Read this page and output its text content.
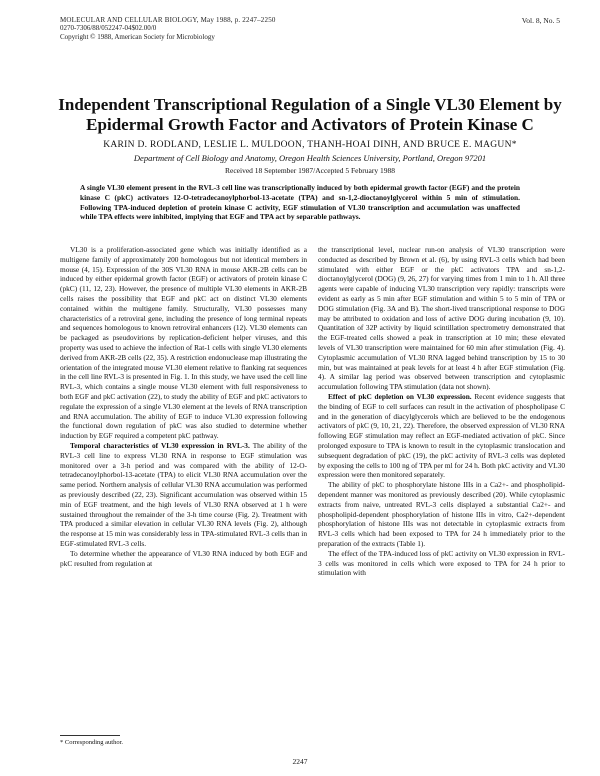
MOLECULAR AND CELLULAR BIOLOGY, May 1988, p. 2247–2250
0270-7306/88/052247-04$02.00/0
Copyright © 1988, American Society for Microbiology
Vol. 8, No. 5
Independent Transcriptional Regulation of a Single VL30 Element by Epidermal Growth Factor and Activators of Protein Kinase C
KARIN D. RODLAND, LESLIE L. MULDOON, THANH-HOAI DINH, AND BRUCE E. MAGUN*
Department of Cell Biology and Anatomy, Oregon Health Sciences University, Portland, Oregon 97201
Received 18 September 1987/Accepted 5 February 1988
A single VL30 element present in the RVL-3 cell line was transcriptionally induced by both epidermal growth factor (EGF) and the protein kinase C (pkC) activators 12-O-tetradecanoylphorbol-13-acetate (TPA) and sn-1,2-dioctanoylglycerol within 5 min of stimulation. Following TPA-induced depletion of protein kinase C activity, EGF stimulation of VL30 transcription and accumulation was unaffected while TPA effects were inhibited, implying that EGF and TPA act by separable pathways.

VL30 is a proliferation-associated gene which was initially identified as a multigene family of approximately 200 homologous but not identical members in mouse (4, 15). Expression of the 30S VL30 RNA in mouse AKR-2B cells can be induced by either epidermal growth factor (EGF) or activators of protein kinase C (pkC) (11, 12, 23). However, the presence of multiple VL30 elements in AKR-2B cells raises the possibility that EGF and pkC act on distinct VL30 elements contained within the multigene family. Structurally, VL30 possesses many characteristics of a retroviral gene, including the presence of long terminal repeats and sequences homologous to known retroviral enhancers (12). VL30 elements can be packaged as pseudovirions by replication-deficient helper viruses, and this property was used to achieve the infection of Rat-1 cells with single VL30 elements derived from AKR-2B cells (22, 35). A restriction endonuclease map illustrating the orientation of the integrated mouse VL30 element relative to flanking rat sequences in the cell line RVL-3 is presented in Fig. 1. In this study, we have used the cell line RVL-3, which contains a single mouse VL30 element with full responsiveness to both EGF and pkC activation (22), to study the ability of EGF and pkC activators to regulate the expression of a single VL30 element at the levels of RNA transcription and RNA accumulation. The ability of EGF to induce VL30 expression following the functional down regulation of pkC was also studied to determine whether induction by EGF required a competent pkC pathway.

Temporal characteristics of VL30 expression in RVL-3. The ability of the RVL-3 cell line to express VL30 RNA in response to EGF stimulation was monitored over a 3-h period and was compared with the ability of 12-O-tetradecanoylphorbol-13-acetate (TPA) to elicit VL30 RNA accumulation over the same period. Northern analysis of cellular VL30 RNA accumulation was performed as previously described (22, 23). Significant accumulation was observed within 15 min of EGF treatment, and the high levels of VL30 RNA observed at 1 h were sustained throughout the remainder of the 3-h time course (Fig. 2). Treatment with TPA produced a similar elevation in cellular VL30 RNA levels (Fig. 2), although the response at 15 min was considerably less in TPA-stimulated RVL-3 cells than in EGF-stimulated RVL-3 cells.

To determine whether the appearance of VL30 RNA induced by both EGF and pkC resulted from regulation at

the transcriptional level, nuclear run-on analysis of VL30 transcription were conducted as described by Brown et al. (6), by using RVL-3 cells which had been stimulated with either EGF or the pkC activators TPA and sn-1,2-dioctanoylglycerol (DOG) (9, 26, 27) for varying times from 1 min to 1 h. All three agents were capable of inducing VL30 transcription very rapidly: transcripts were evident as early as 5 min after EGF stimulation and within 5 to 5 min of TPA or DOG stimulation (Fig. 3A and B). The short-lived transcriptional response to DOG may be attributed to oxidation and loss of active DOG during incubation (9, 10). Quantitation of 32P activity by liquid scintillation spectrometry demonstrated that the EGF-treated cells showed a peak in transcription at 10 min; these elevated levels of VL30 transcription were maintained for 60 min after stimulation (Fig. 4). Cytoplasmic accumulation of VL30 RNA lagged behind transcription by 15 to 30 min, but was maintained at peak levels for at least 4 h after EGF stimulation (Fig. 4). A similar lag period was observed between transcription and cytoplasmic accumulation following TPA stimulation (data not shown).

Effect of pkC depletion on VL30 expression. Recent evidence suggests that the binding of EGF to cell surfaces can result in the activation of phospholipase C and in the generation of diacylglycerols which are believed to be the endogenous activators of pkC (9, 10, 21, 22). Therefore, the observed expression of VL30 RNA following EGF stimulation may reflect an EGF-mediated activation of pkC. Since prolonged exposure to TPA is known to result in the cytoplasmic translocation and subsequent degradation of pkC (19), the pkC activity of RVL-3 cells was depleted by exposing the cells to 100 ng of TPA per ml for 24 h. Both pkC activity and VL30 expression were then monitored separately.

The ability of pkC to phosphorylate histone IIIs in a Ca2+- and phospholipid-dependent manner was monitored as previously described (20). While cytoplasmic extracts from naive, untreated RVL-3 cells displayed a substantial Ca2+- and phospholipid-dependent phosphorylation of histone IIIs in vitro, Ca2+-dependent phosphorylation of histone IIIs was not detectable in cytoplasmic extracts from RVL-3 cells which had been exposed to TPA for 24 h immediately prior to the preparation of the extracts (Table 1).

The effect of the TPA-induced loss of pkC activity on VL30 expression in RVL-3 cells was monitored in cells which were exposed to TPA for 24 h prior to stimulation with

* Corresponding author.
2247
